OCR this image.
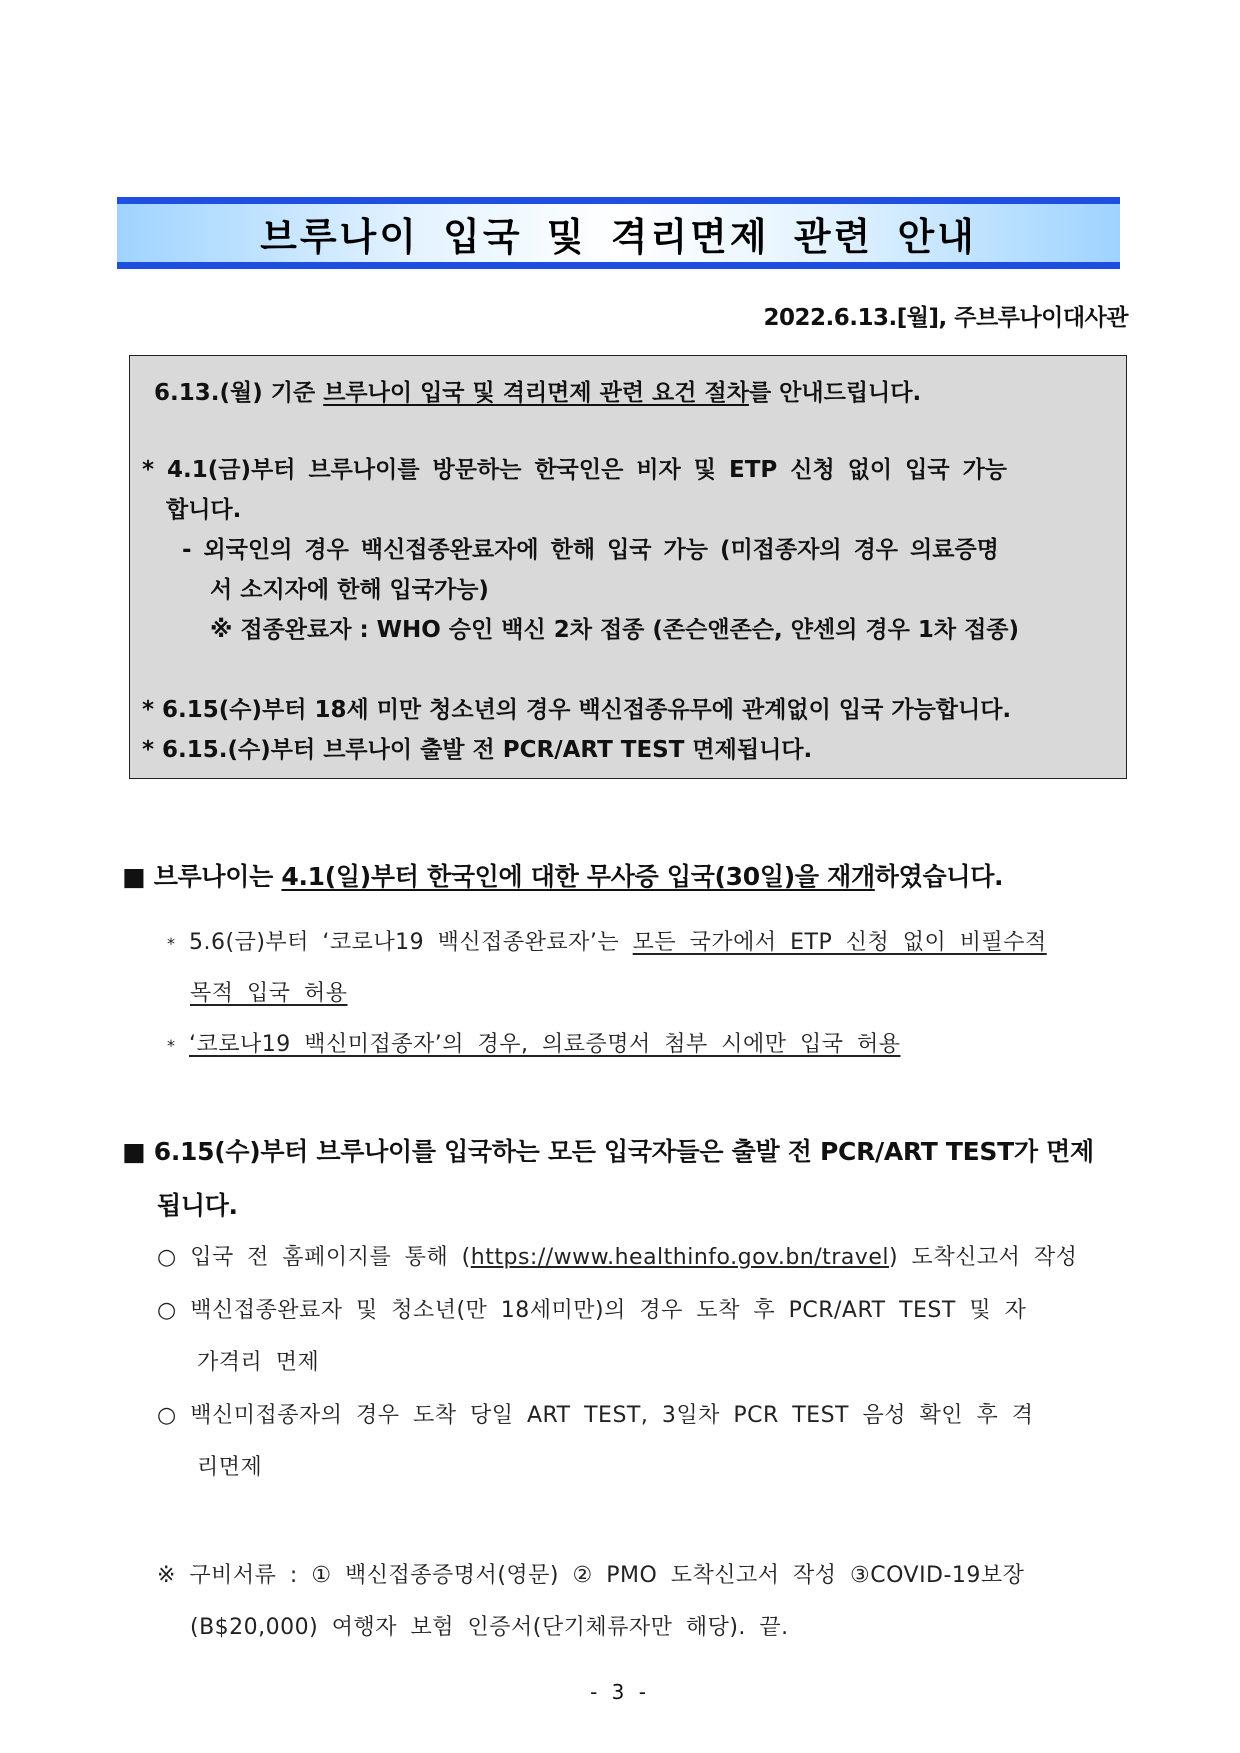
브루나이 입국 및 격리면제 관련 안내
2022.6.13.[월], 주브루나이대사관
6.13.(월) 기준 브루나이 입국 및 격리면제 관련 요건 절차를 안내드립니다.
* 4.1(금)부터 브루나이를 방문하는 한국인은 비자 및 ETP 신청 없이 입국 가능
합니다.
- 외국인의 경우 백신접종완료자에 한해 입국 가능 (미접종자의 경우 의료증명
서 소지자에 한해 입국가능)
※ 접종완료자 : WHO 승인 백신 2차 접종 (존슨앤존슨, 얀센의 경우 1차 접종)
* 6.15(수)부터 18세 미만 청소년의 경우 백신접종유무에 관계없이 입국 가능합니다.
* 6.15.(수)부터 브루나이 출발 전 PCR/ART TEST 면제됩니다.
■ 브루나이는 4.1(일)부터 한국인에 대한 무사증 입국(30일)을 재개하였습니다.
* 5.6(금)부터 ‘코로나19 백신접종완료자’는 모든 국가에서 ETP 신청 없이 비필수적
목적 입국 허용
* ‘코로나19 백신미접종자’의 경우, 의료증명서 첨부 시에만 입국 허용
■ 6.15(수)부터 브루나이를 입국하는 모든 입국자들은 출발 전 PCR/ART TEST가 면제
됩니다.
○ 입국 전 홈페이지를 통해 (https://www.healthinfo.gov.bn/travel) 도착신고서 작성
○ 백신접종완료자 및 청소년(만 18세미만)의 경우 도착 후 PCR/ART TEST 및 자
가격리 면제
○ 백신미접종자의 경우 도착 당일 ART TEST, 3일차 PCR TEST 음성 확인 후 격
리면제
※ 구비서류 : ① 백신접종증명서(영문) ② PMO 도착신고서 작성 ③COVID-19보장
(B$20,000) 여행자 보험 인증서(단기체류자만 해당). 끝.
- 3 -
